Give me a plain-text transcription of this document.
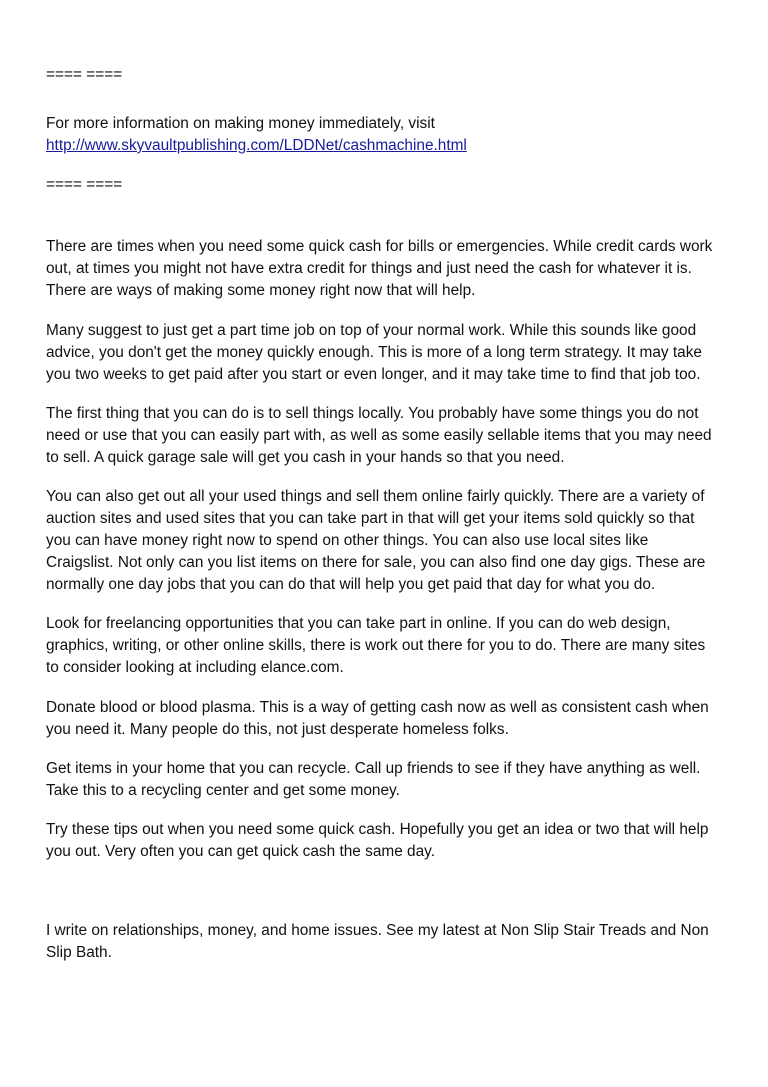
==== ====

For more information on making money immediately, visit

http://www.skyvaultpublishing.com/LDDNet/cashmachine.html

==== ====

There are times when you need some quick cash for bills or emergencies. While credit cards work
out, at times you might not have extra credit for things and just need the cash for whatever it is.
There are ways of making some money right now that will help.

Many suggest to just get a part time job on top of your normal work. While this sounds like good
advice, you don't get the money quickly enough. This is more of a long term strategy. It may take
you two weeks to get paid after you start or even longer, and it may take time to find that job too.

The first thing that you can do is to sell things locally. You probably have some things you do not
need or use that you can easily part with, as well as some easily sellable items that you may need
to sell. A quick garage sale will get you cash in your hands so that you need.

You can also get out all your used things and sell them online fairly quickly. There are a variety of
auction sites and used sites that you can take part in that will get your items sold quickly so that
you can have money right now to spend on other things. You can also use local sites like
Craigslist. Not only can you list items on there for sale, you can also find one day gigs. These are
normally one day jobs that you can do that will help you get paid that day for what you do.

Look for freelancing opportunities that you can take part in online. If you can do web design,
graphics, writing, or other online skills, there is work out there for you to do. There are many sites
to consider looking at including elance.com.

Donate blood or blood plasma. This is a way of getting cash now as well as consistent cash when
you need it. Many people do this, not just desperate homeless folks.

Get items in your home that you can recycle. Call up friends to see if they have anything as well.
Take this to a recycling center and get some money.

Try these tips out when you need some quick cash. Hopefully you get an idea or two that will help
you out. Very often you can get quick cash the same day.

I write on relationships, money, and home issues. See my latest at Non Slip Stair Treads and Non
Slip Bath.
